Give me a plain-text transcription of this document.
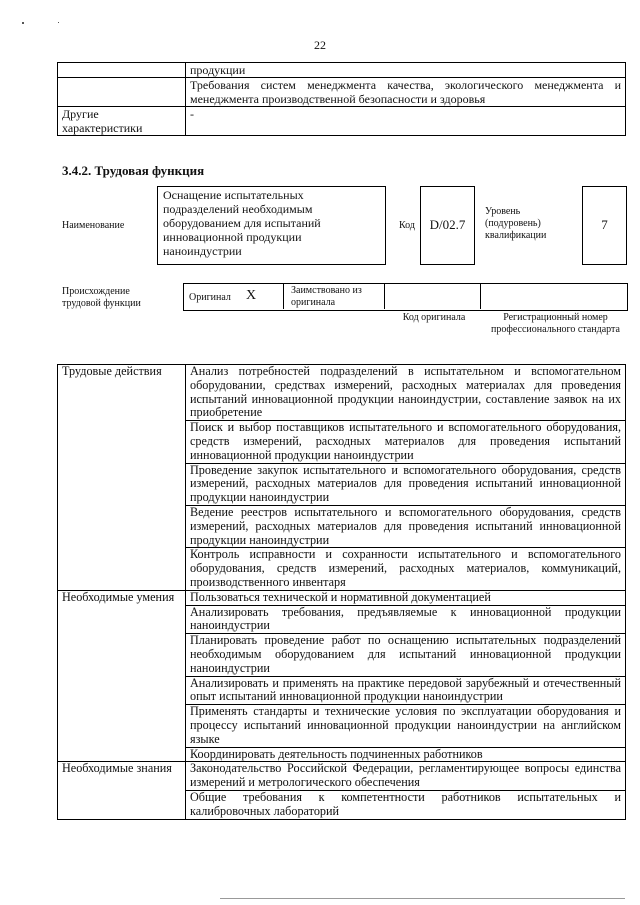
22
	продукции
	Требования систем менеджмента качества, экологического менеджмента и менеджмента производственной безопасности и здоровья
Другие характеристики	-
3.4.2. Трудовая функция
Наименование
Оснащение испытательных подразделений необходимым оборудованием для испытаний инновационной продукции наноиндустрии
Код	D/02.7
Уровень (подуровень) квалификации
7
Происхождение трудовой функции
Оригинал X	Заимствовано из оригинала
Код оригинала	Регистрационный номер профессионального стандарта
Трудовые действия	Анализ потребностей подразделений в испытательном и вспомогательном оборудовании, средствах измерений, расходных материалах для проведения испытаний инновационной продукции наноиндустрии, составление заявок на их приобретение
	Поиск и выбор поставщиков испытательного и вспомогательного оборудования, средств измерений, расходных материалов для проведения испытаний инновационной продукции наноиндустрии
	Проведение закупок испытательного и вспомогательного оборудования, средств измерений, расходных материалов для проведения испытаний инновационной продукции наноиндустрии
	Ведение реестров испытательного и вспомогательного оборудования, средств измерений, расходных материалов для проведения испытаний инновационной продукции наноиндустрии
	Контроль исправности и сохранности испытательного и вспомогательного оборудования, средств измерений, расходных материалов, коммуникаций, производственного инвентаря
Необходимые умения	Пользоваться технической и нормативной документацией
	Анализировать требования, предъявляемые к инновационной продукции наноиндустрии
	Планировать проведение работ по оснащению испытательных подразделений необходимым оборудованием для испытаний инновационной продукции наноиндустрии
	Анализировать и применять на практике передовой зарубежный и отечественный опыт испытаний инновационной продукции наноиндустрии
	Применять стандарты и технические условия по эксплуатации оборудования и процессу испытаний инновационной продукции наноиндустрии на английском языке
	Координировать деятельность подчиненных работников
Необходимые знания	Законодательство Российской Федерации, регламентирующее вопросы единства измерений и метрологического обеспечения
	Общие требования к компетентности работников испытательных и калибровочных лабораторий
